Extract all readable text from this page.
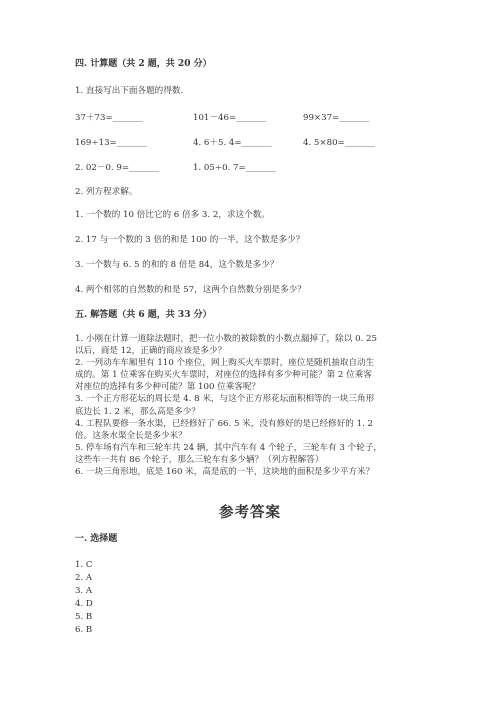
四. 计算题（共 2 题，共 20 分）
1. 直接写出下面各题的得数.
37＋73=_______	101－46=_______	99×37=_______
169÷13=_______	4. 6＋5. 4=_______	4. 5×80=_______
2. 02－0. 9=_______	1. 05÷0. 7=_______
2. 列方程求解。
1. 一个数的 10 倍比它的 6 倍多 3. 2，求这个数。
2. 17 与一个数的 3 倍的和是 100 的一半，这个数是多少？
3. 一个数与 6. 5 的和的 8 倍是 84，这个数是多少？
4. 两个相邻的自然数的和是 57，这两个自然数分别是多少？
五. 解答题（共 6 题，共 33 分）
1. 小刚在计算一道除法题时，把一位小数的被除数的小数点漏掉了，除以 0. 25
以后，商是 12，正确的商应该是多少？
2. 一列动车车厢里有 110 个座位，网上购买火车票时，座位是随机抽取自动生
成的。第 1 位乘客在购买火车票时，对座位的选择有多少种可能？第 2 位乘客
对座位的选择有多少种可能？第 100 位乘客呢？
3. 一个正方形花坛的周长是 4. 8 米，与这个正方形花坛面积相等的一块三角形
底边长 1. 2 米，那么高是多少？
4. 工程队要修一条水渠，已经修好了 66. 5 米，没有修好的是已经修好的 1. 2
倍。这条水渠全长是多少米？
5. 停车场有汽车和三轮车共 24 辆，其中汽车有 4 个轮子，三轮车有 3 个轮子，
这些车一共有 86 个轮子，那么三轮车有多少辆？（列方程解答）
6. 一块三角形地，底是 160 米，高是底的一半，这块地的面积是多少平方米？
参考答案
一. 选择题
1. C
2. A
3. A
4. D
5. B
6. B
